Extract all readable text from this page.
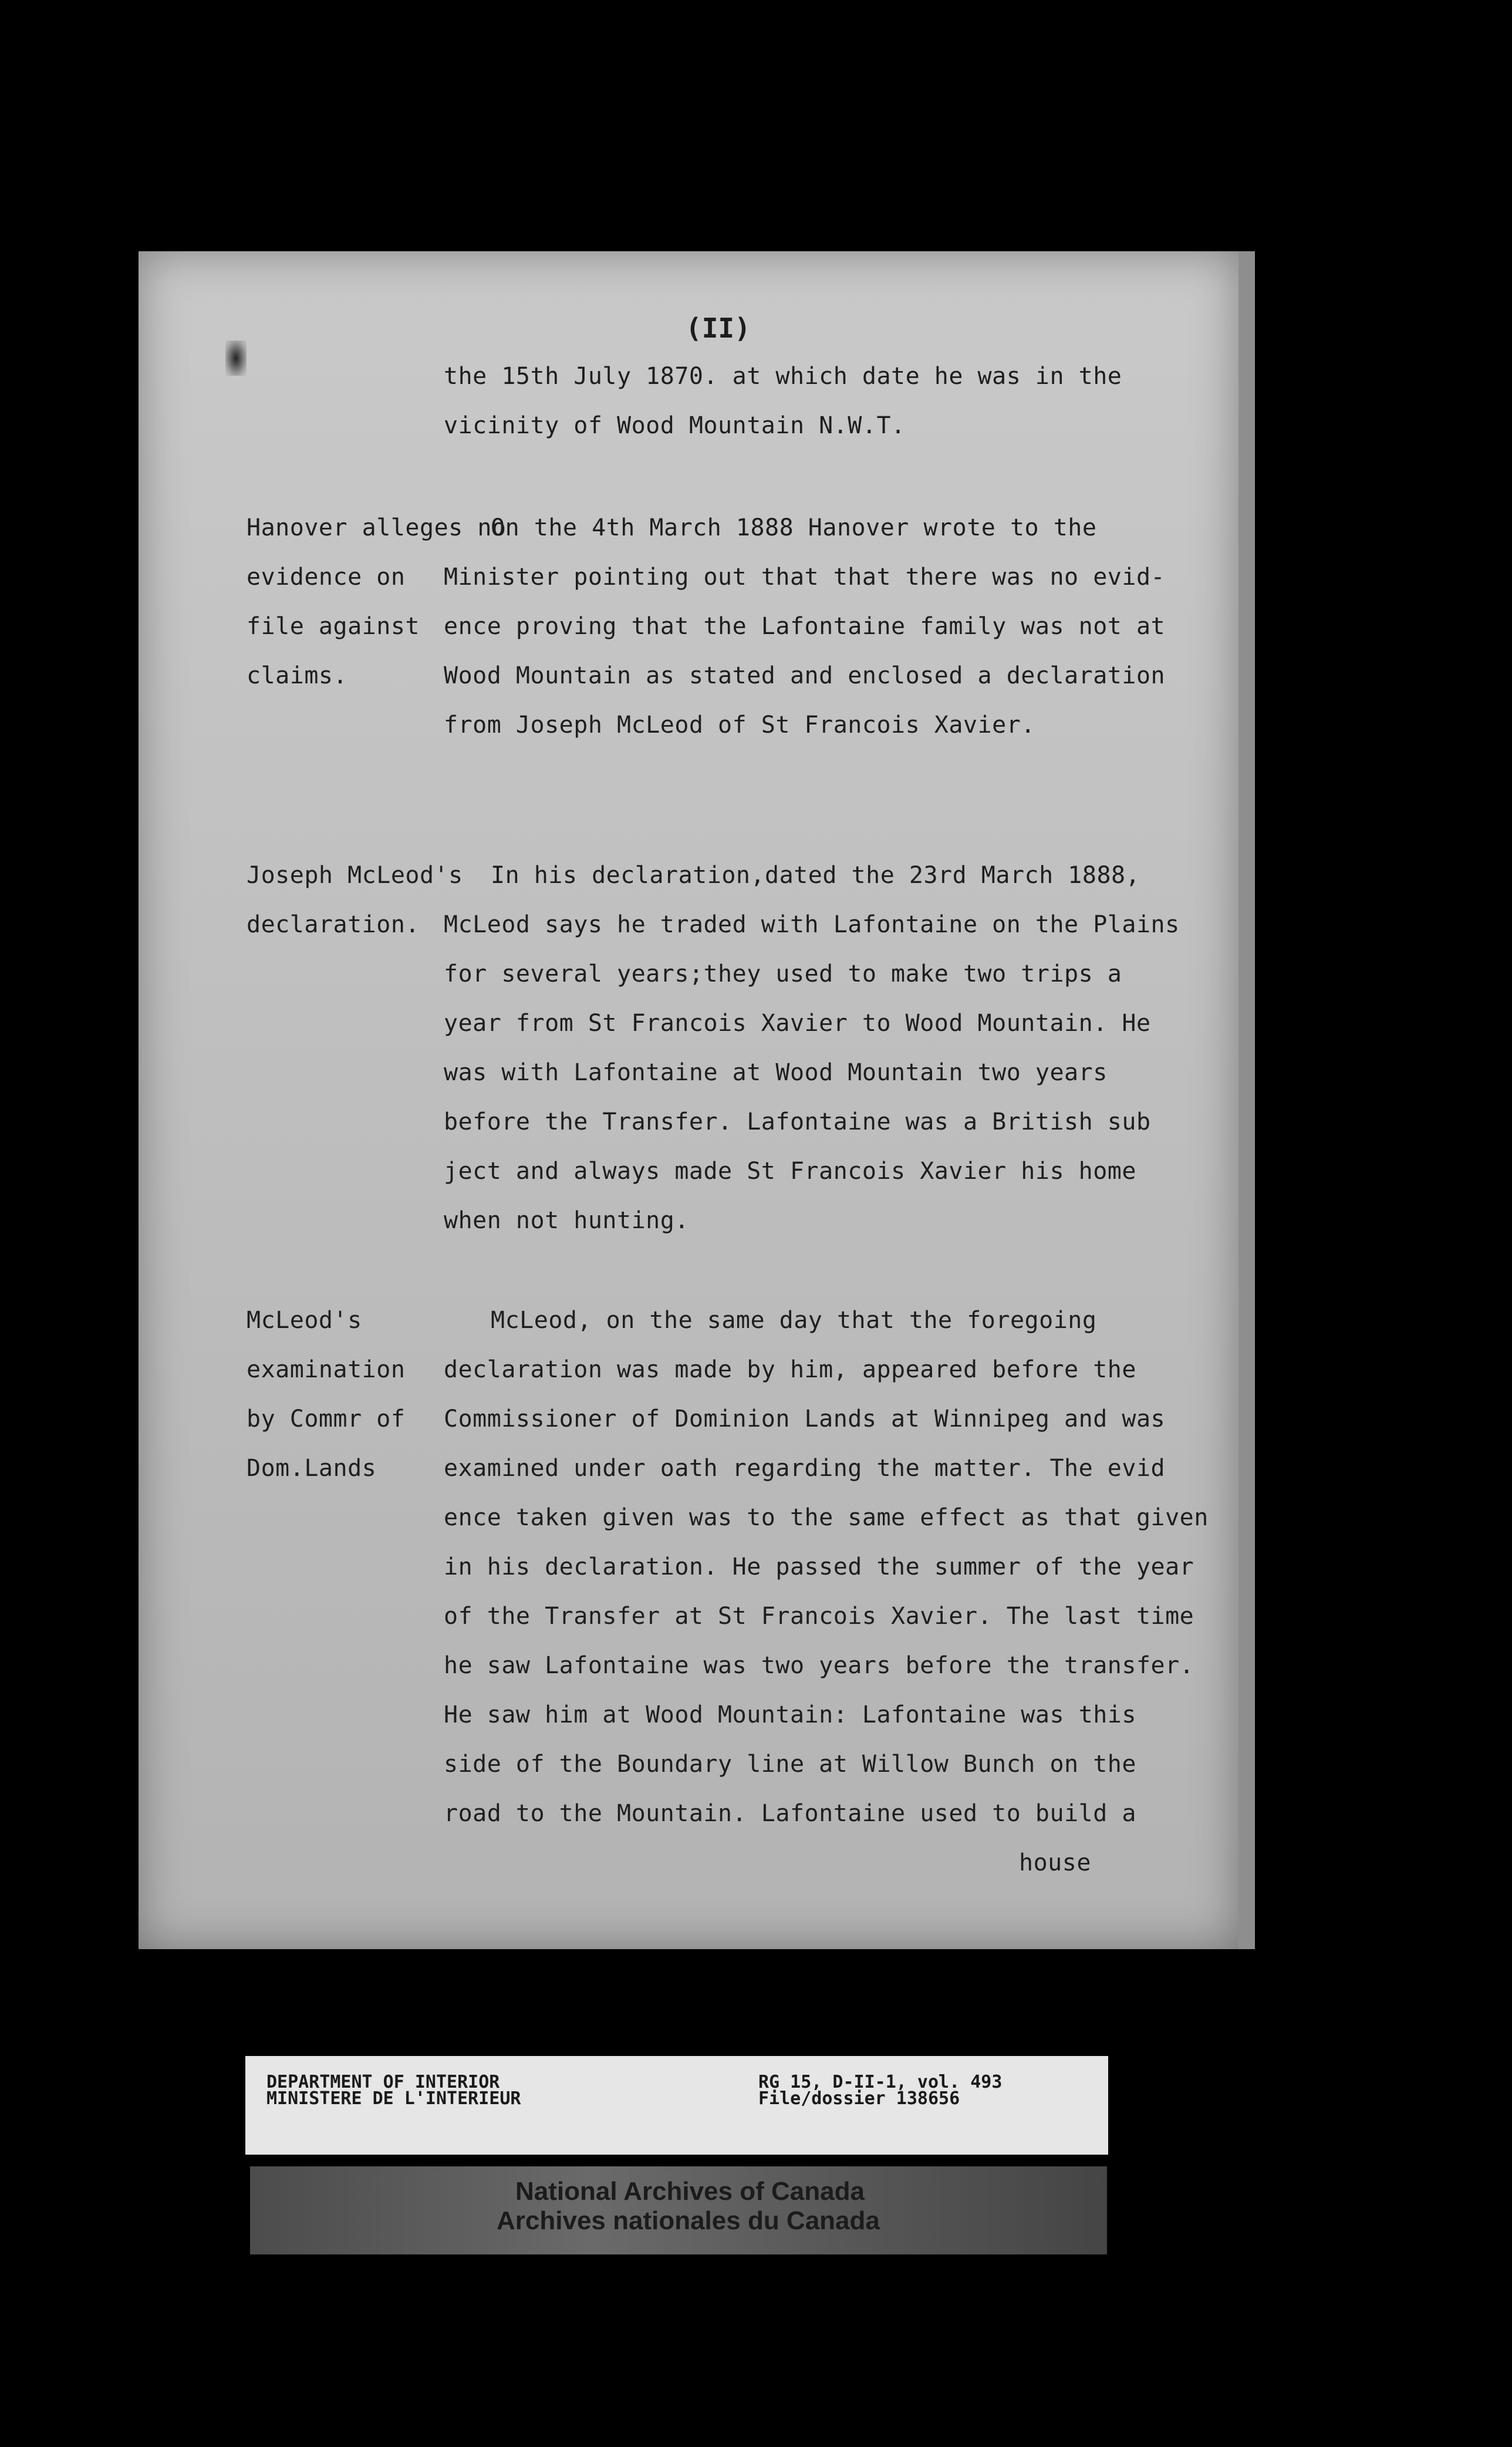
(II)
the 15th July 1870. at which date he was in the
vicinity of Wood Mountain N.W.T.
Hanover alleges no
evidence on
file against
claims.
On the 4th March 1888 Hanover wrote to the
Minister pointing out that that there was no evid-
ence proving that the Lafontaine family was not at
Wood Mountain as stated and enclosed a declaration
from Joseph McLeod of St Francois Xavier.
Joseph McLeod's
declaration.
In his declaration,dated the 23rd March 1888,
McLeod says he traded with Lafontaine on the Plains
for several years;they used to make two trips a
year from St Francois Xavier to Wood Mountain. He
was with Lafontaine at Wood Mountain two years
before the Transfer. Lafontaine was a British sub
ject and always made St Francois Xavier his home
when not hunting.
McLeod's
examination
by Commr of
Dom.Lands
McLeod, on the same day that the foregoing
declaration was made by him, appeared before the
Commissioner of Dominion Lands at Winnipeg and was
examined under oath regarding the matter. The evid
ence taken given was to the same effect as that given
in his declaration. He passed the summer of the year
of the Transfer at St Francois Xavier. The last time
he saw Lafontaine was two years before the transfer.
He saw him at Wood Mountain: Lafontaine was this
side of the Boundary line at Willow Bunch on the
road to the Mountain. Lafontaine used to build a
house
DEPARTMENT OF INTERIOR
MINISTERE DE L'INTERIEUR
RG 15, D-II-1, vol. 493
File/dossier 138656
National Archives of Canada
Archives nationales du Canada
